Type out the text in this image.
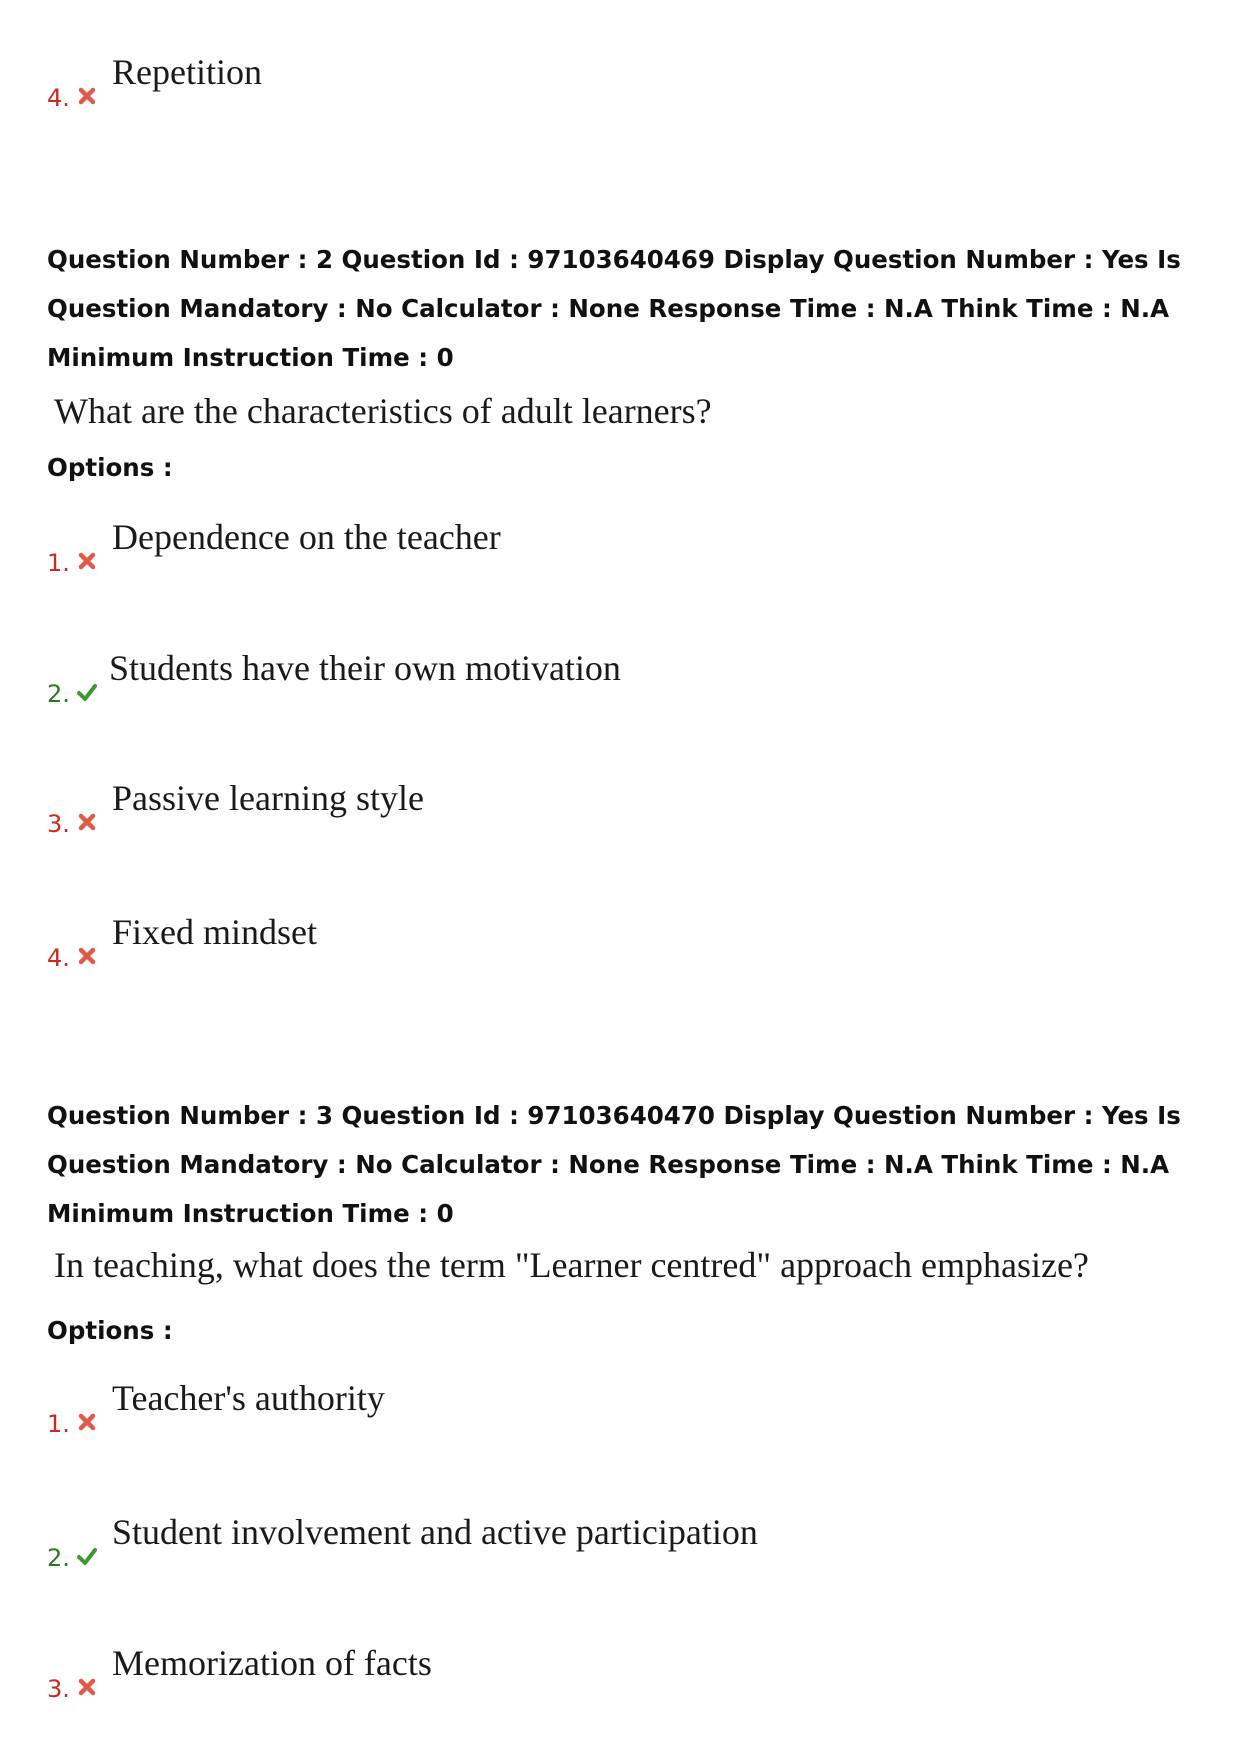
4.
Repetition

Question Number : 2 Question Id : 97103640469 Display Question Number : Yes Is Question Mandatory : No Calculator : None Response Time : N.A Think Time : N.A Minimum Instruction Time : 0

What are the characteristics of adult learners?
Options :
1.
Dependence on the teacher
2.
Students have their own motivation
3.
Passive learning style
4.
Fixed mindset

Question Number : 3 Question Id : 97103640470 Display Question Number : Yes Is Question Mandatory : No Calculator : None Response Time : N.A Think Time : N.A Minimum Instruction Time : 0

In teaching, what does the term "Learner centred" approach emphasize?
Options :
1.
Teacher's authority
2.
Student involvement and active participation
3.
Memorization of facts
